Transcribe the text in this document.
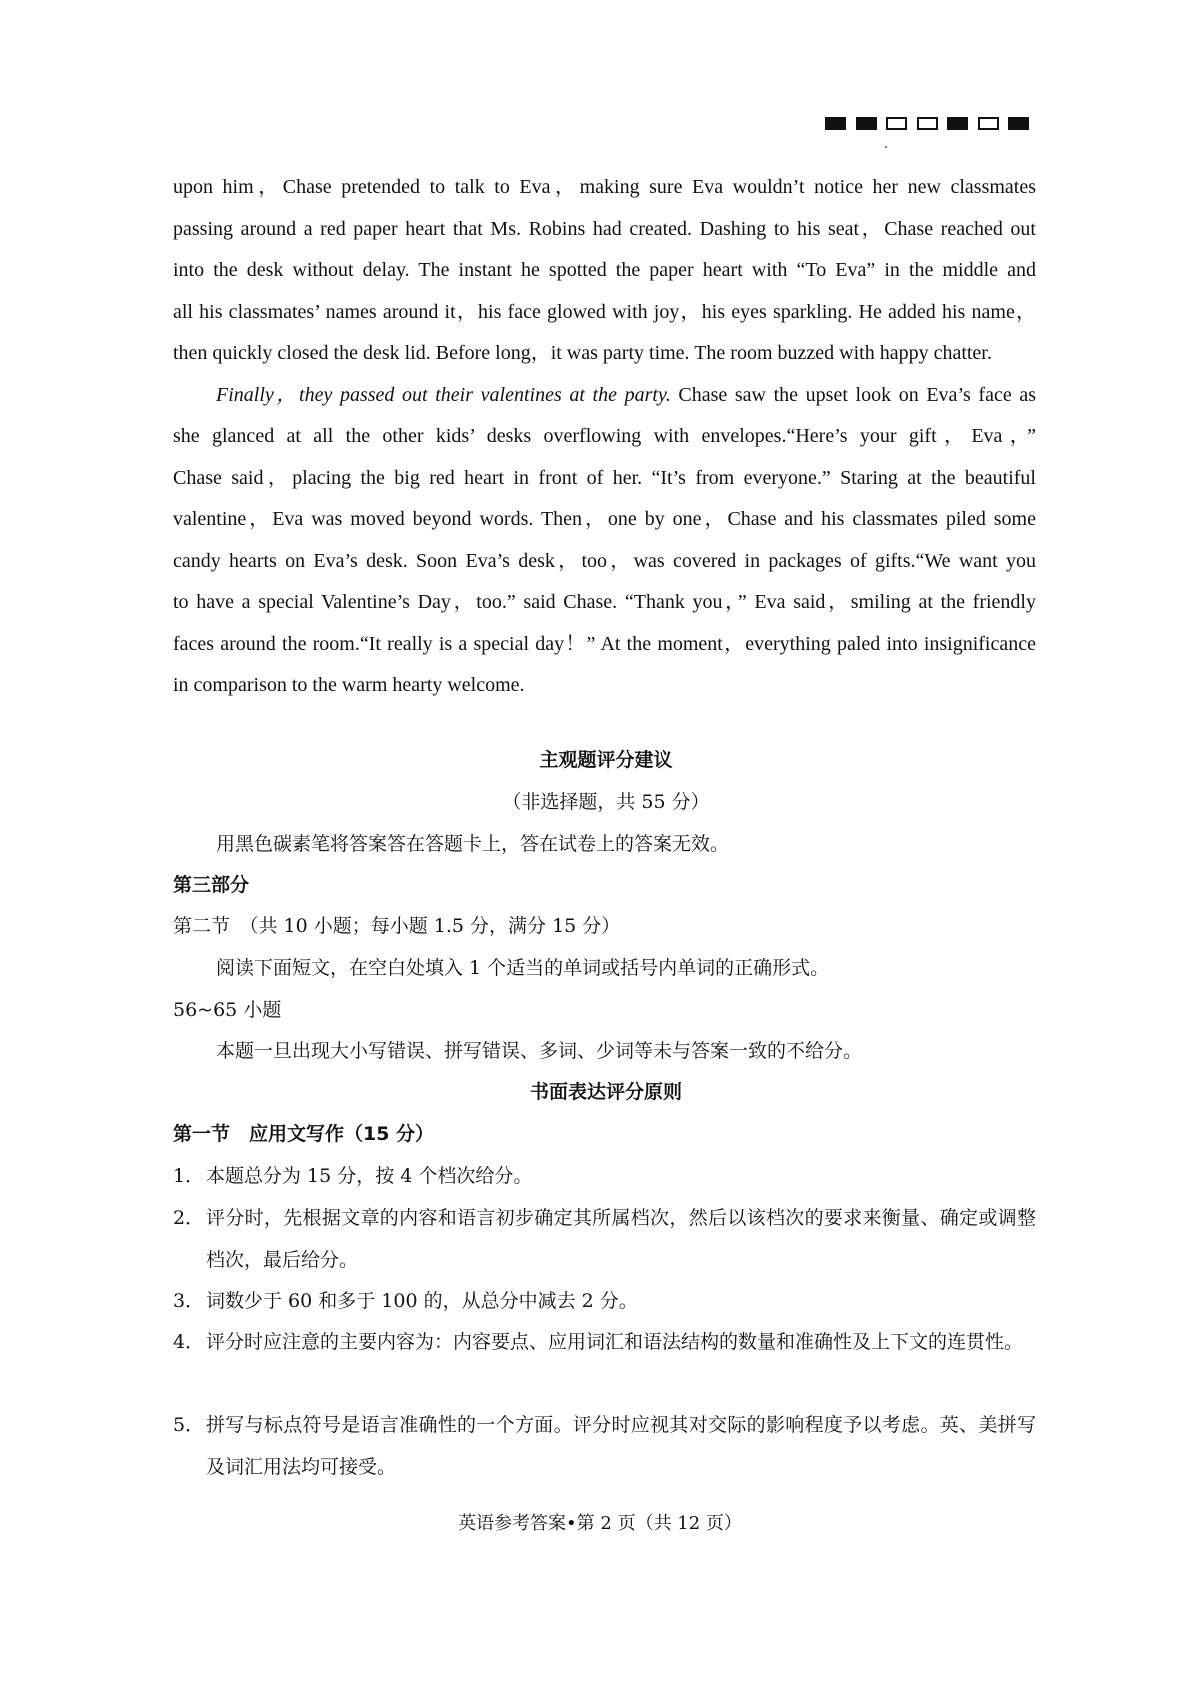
upon him，Chase pretended to talk to Eva，making sure Eva wouldn’t notice her new classmates

passing around a red paper heart that Ms. Robins had created. Dashing to his seat，Chase reached out

into the desk without delay. The instant he spotted the paper heart with “To Eva” in the middle and

all his classmates’ names around it，his face glowed with joy，his eyes sparkling. He added his name，

then quickly closed the desk lid. Before long，it was party time. The room buzzed with happy chatter.

Finally，they passed out their valentines at the party. Chase saw the upset look on Eva’s face as

she glanced at all the other kids’ desks overflowing with envelopes.“Here’s your gift，Eva，”

Chase said，placing the big red heart in front of her. “It’s from everyone.” Staring at the beautiful

valentine，Eva was moved beyond words. Then，one by one，Chase and his classmates piled some

candy hearts on Eva’s desk. Soon Eva’s desk，too，was covered in packages of gifts.“We want you

to have a special Valentine’s Day，too.” said Chase. “Thank you，” Eva said，smiling at the friendly

faces around the room.“It really is a special day！” At the moment，everything paled into insignificance

in comparison to the warm hearty welcome.

主观题评分建议
（非选择题，共 55 分）
用黑色碳素笔将答案答在答题卡上，答在试卷上的答案无效。
第三部分
第二节　（共 10 小题；每小题 1.5 分，满分 15 分）
阅读下面短文，在空白处填入 1 个适当的单词或括号内单词的正确形式。
56~65 小题
本题一旦出现大小写错误、拼写错误、多词、少词等未与答案一致的不给分。
书面表达评分原则
第一节　应用文写作（15 分）
1． 本题总分为 15 分，按 4 个档次给分。
2． 评分时，先根据文章的内容和语言初步确定其所属档次，然后以该档次的要求来衡量、确定或调整档次，最后给分。
3． 词数少于 60 和多于 100 的，从总分中减去 2 分。
4． 评分时应注意的主要内容为：内容要点、应用词汇和语法结构的数量和准确性及上下文的连贯性。
5． 拼写与标点符号是语言准确性的一个方面。评分时应视其对交际的影响程度予以考虑。英、美拼写及词汇用法均可接受。
英语参考答案•第 2 页（共 12 页）
